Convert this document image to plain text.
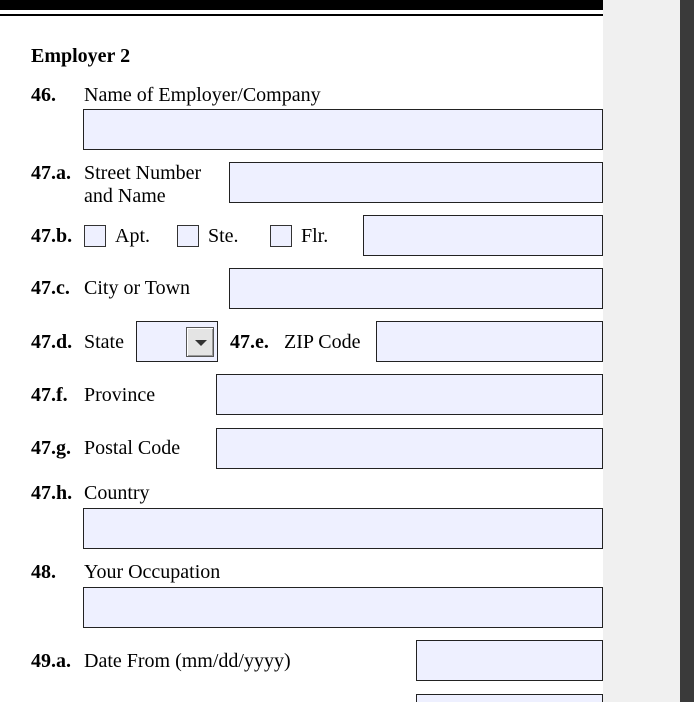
Employer 2
46. Name of Employer/Company
47.a. Street Number
and Name
47.b. Apt.	Ste.	Flr.
47.c. City or Town
47.d. State	47.e. ZIP Code
47.f. Province
47.g. Postal Code
47.h. Country
48. Your Occupation
49.a. Date From (mm/dd/yyyy)
